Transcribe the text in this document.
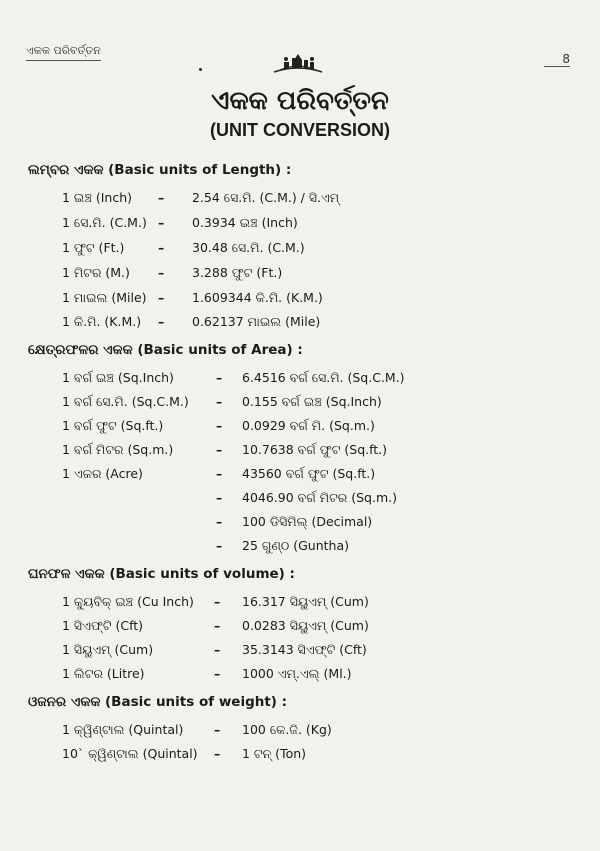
ଏକକ ପରିବର୍ତ୍ତନ
8
ଏକକ ପରିବର୍ତ୍ତନ
(UNIT CONVERSION)
ଲମ୍ବର ଏକକ (Basic units of Length) :
1 ଇଞ୍ଚ (Inch) – 2.54 ସେ.ମି. (C.M.) / ସି.ଏମ୍
1 ସେ.ମି. (C.M.) – 0.3934 ଇଞ୍ଚ (Inch)
1 ଫୁଟ (Ft.)	– 30.48 ସେ.ମି. (C.M.)
1 ମିଟର (M.) – 3.288 ଫୁଟ (Ft.)
1 ମାଇଲ (Mile) – 1.609344 କି.ମି. (K.M.)
1 କି.ମି. (K.M.) – 0.62137 ମାଇଲ (Mile)
କ୍ଷେତ୍ରଫଳର ଏକକ (Basic units of Area) :
1 ବର୍ଗ ଇଞ୍ଚ (Sq.Inch)	– 6.4516 ବର୍ଗ ସେ.ମି. (Sq.C.M.)
1 ବର୍ଗ ସେ.ମି. (Sq.C.M.) – 0.155 ବର୍ଗ ଇଞ୍ଚ (Sq.Inch)
1 ବର୍ଗ ଫୁଟ (Sq.ft.)	– 0.0929 ବର୍ଗ ମି. (Sq.m.)
1 ବର୍ଗ ମିଟର (Sq.m.)	– 10.7638 ବର୍ଗ ଫୁଟ (Sq.ft.)
1 ଏକର (Acre)	– 43560 ବର୍ଗ ଫୁଟ (Sq.ft.)
– 4046.90 ବର୍ଗ ମିଟର (Sq.m.)
– 100 ଡିସିମିଲ୍ (Decimal)
– 25 ଗୁଣ୍ଠ (Guntha)
ଘନଫଳ ଏକକ (Basic units of volume) :
1 କ୍ୟୁବିକ୍ ଇଞ୍ଚ (Cu Inch) – 16.317 ସିୟୁଏମ୍ (Cum)
1 ସିଏଫ୍‌ଟି (Cft)	– 0.0283 ସିୟୁଏମ୍ (Cum)
1 ସିୟୁଏମ୍ (Cum)	– 35.3143 ସିଏଫ୍‌ଟି (Cft)
1 ଲିଟର (Litre)	– 1000 ଏମ୍.ଏଲ୍ (Ml.)
ଓଜନର ଏକକ (Basic units of weight) :
1 କ୍ୱିଣ୍ଟାଲ (Quintal) – 100 କେ.ଜି. (Kg)
10` କ୍ୱିଣ୍ଟାଲ (Quintal) – 1 ଟନ୍ (Ton)
